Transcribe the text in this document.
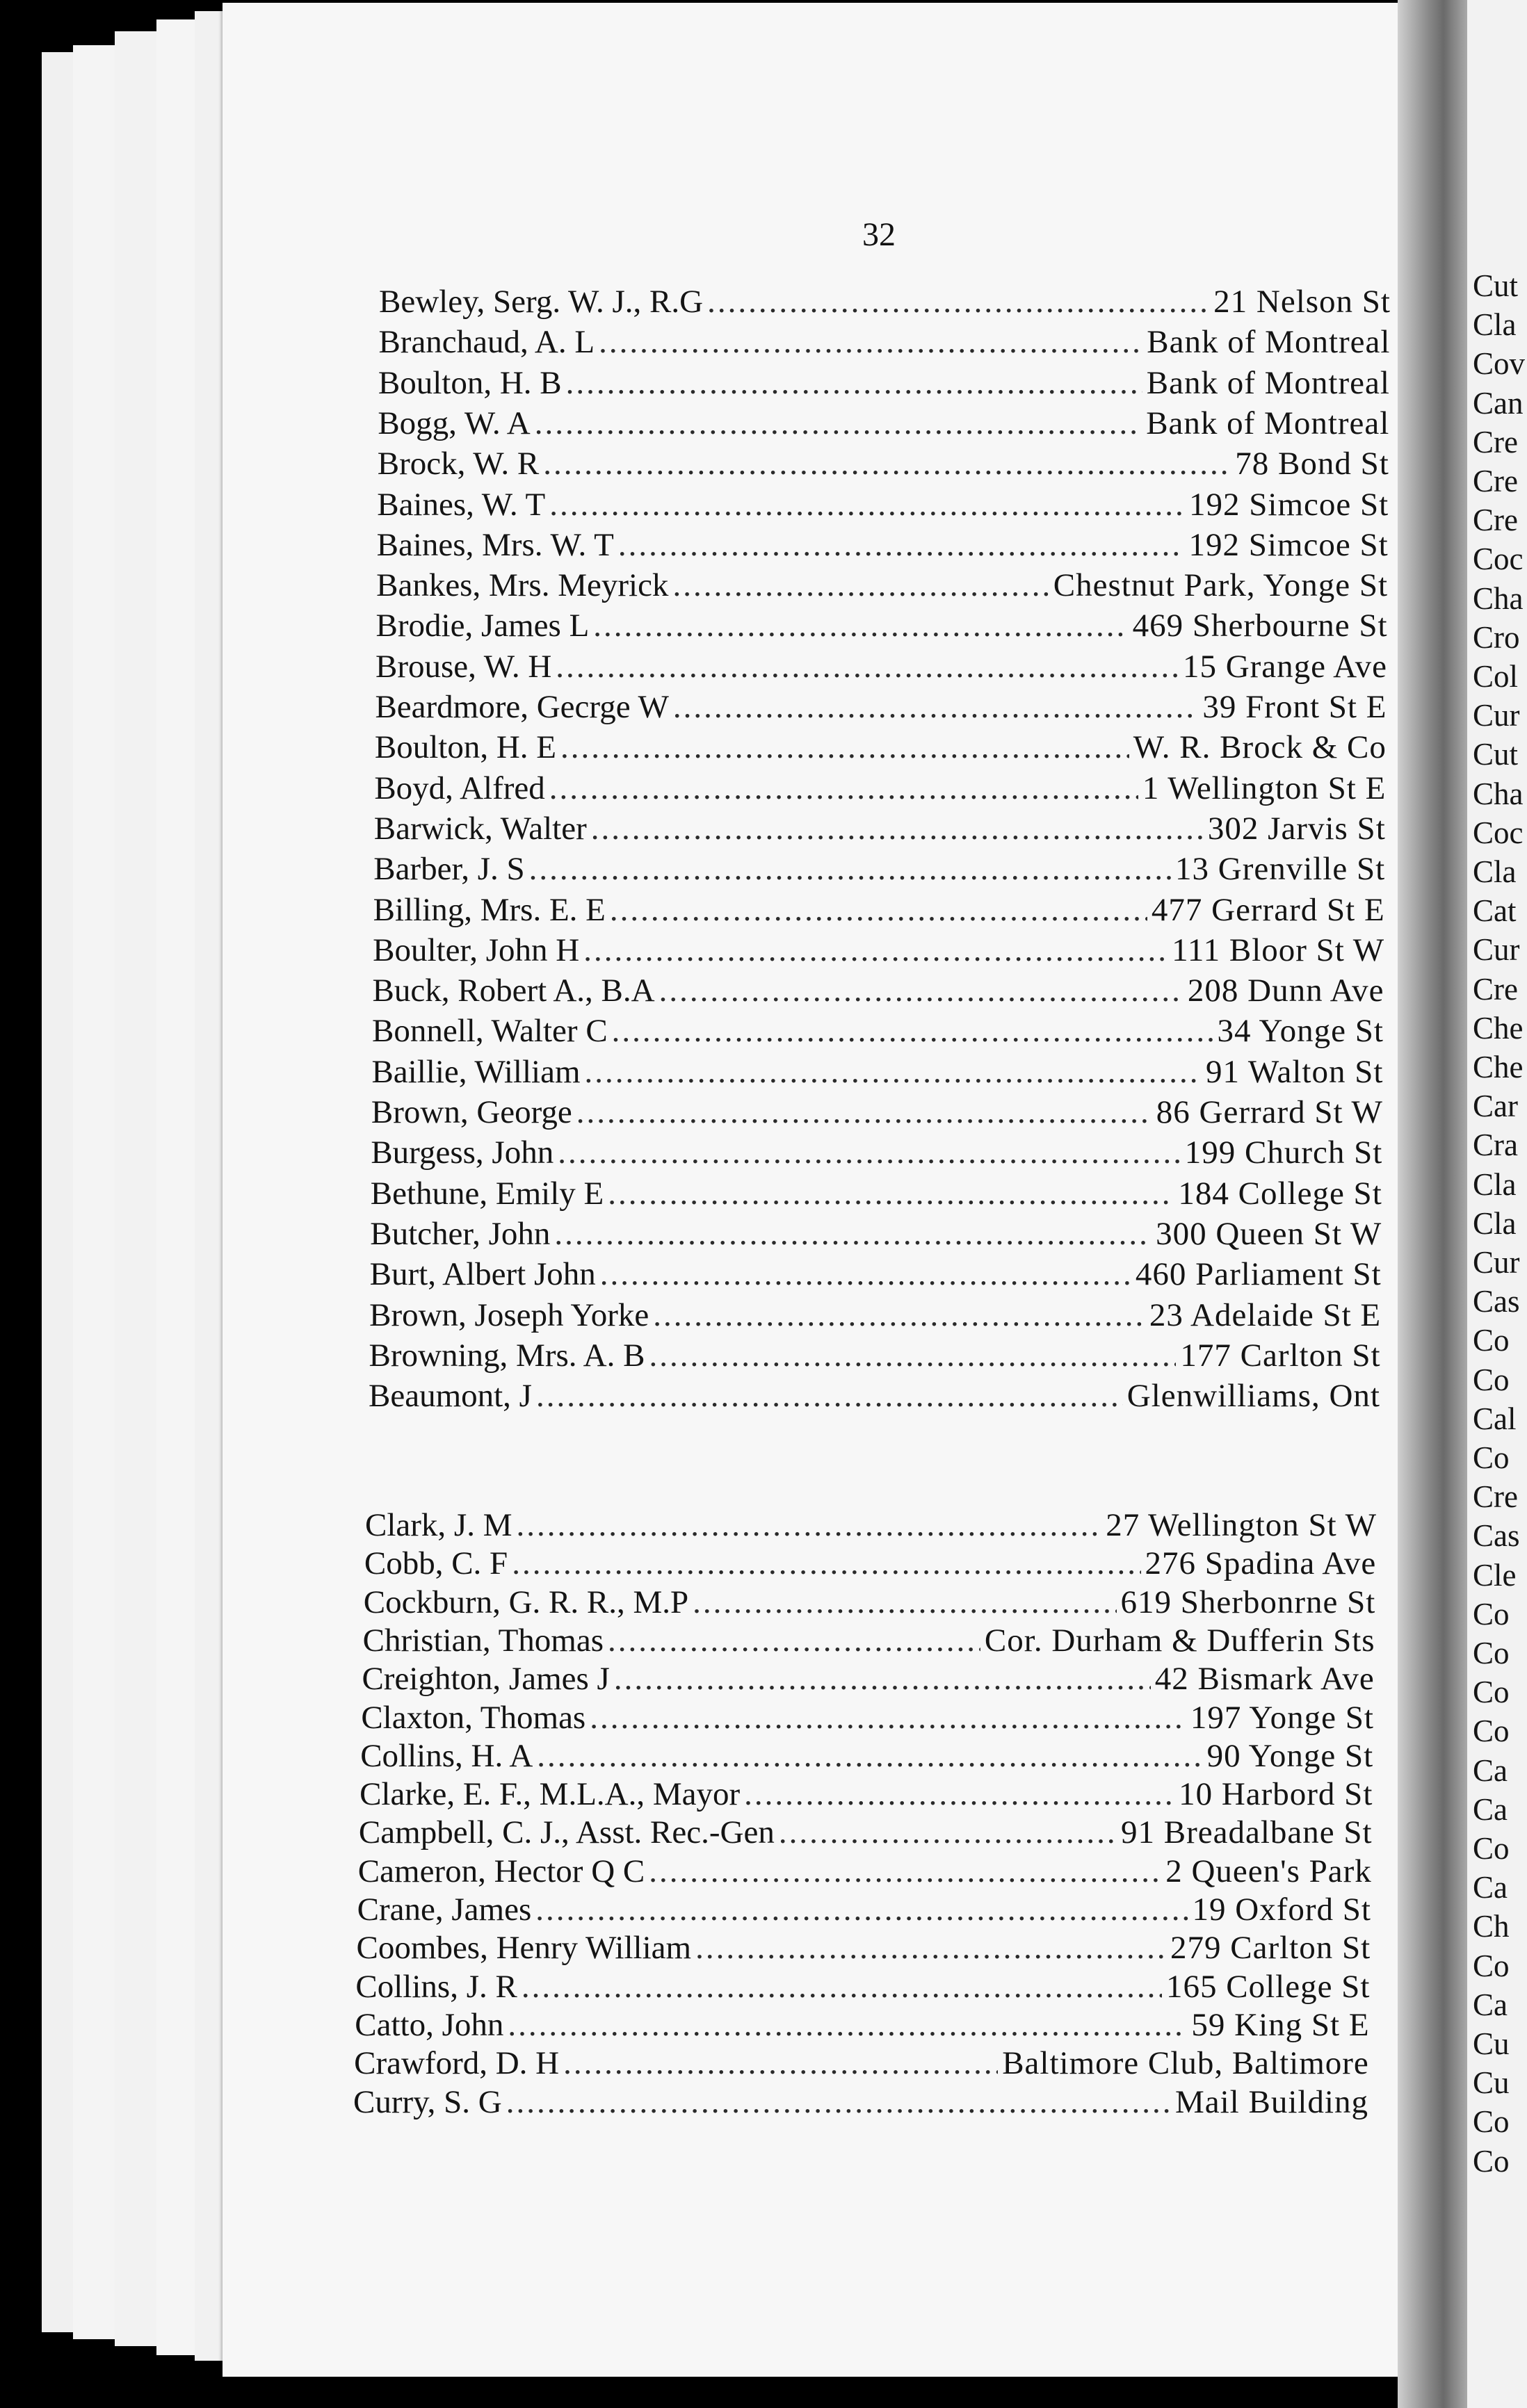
32
Bewley, Serg. W. J., R.G .....	21 Nelson St
Branchaud, A. L .....	Bank of Montreal
Boulton, H. B .....	Bank of Montreal
Bogg, W. A .....	Bank of Montreal
Brock, W. R .....	78 Bond St
Baines, W. T .....	192 Simcoe St
Baines, Mrs. W. T .....	192 Simcoe St
Bankes, Mrs. Meyrick .....	Chestnut Park, Yonge St
Brodie, James L .....	469 Sherbourne St
Brouse, W. H .....	15 Grange Ave
Beardmore, Gecrge W .....	39 Front St E
Boulton, H. E .....	W. R. Brock & Co
Boyd, Alfred .....	1 Wellington St E
Barwick, Walter .....	302 Jarvis St
Barber, J. S .....	13 Grenville St
Billing, Mrs. E. E .....	477 Gerrard St E
Boulter, John H .....	111 Bloor St W
Buck, Robert A., B.A .....	208 Dunn Ave
Bonnell, Walter C .....	34 Yonge St
Baillie, William .....	91 Walton St
Brown, George .....	86 Gerrard St W
Burgess, John .....	199 Church St
Bethune, Emily E .....	184 College St
Butcher, John .....	300 Queen St W
Burt, Albert John .....	460 Parliament St
Brown, Joseph Yorke .....	23 Adelaide St E
Browning, Mrs. A. B .....	177 Carlton St
Beaumont, J .....	Glenwilliams, Ont
Clark, J. M .....	27 Wellington St W
Cobb, C. F .....	276 Spadina Ave
Cockburn, G. R. R., M.P .....	619 Sherbonrne St
Christian, Thomas .....	Cor. Durham & Dufferin Sts
Creighton, James J .....	42 Bismark Ave
Claxton, Thomas .....	197 Yonge St
Collins, H. A .....	90 Yonge St
Clarke, E. F., M.L.A., Mayor .....	10 Harbord St
Campbell, C. J., Asst. Rec.-Gen .....	91 Breadalbane St
Cameron, Hector Q C .....	2 Queen's Park
Crane, James .....	19 Oxford St
Coombes, Henry William .....	279 Carlton St
Collins, J. R .....	165 College St
Catto, John .....	59 King St E
Crawford, D. H .....	Baltimore Club, Baltimore
Curry, S. G .....	Mail Building
Cut
Cla
Cov
Can
Cre
Cre
Cre
Coc
Cha
Cro
Col
Cur
Cut
Cha
Coc
Cla
Cat
Cur
Cre
Che
Che
Car
Cra
Cla
Cla
Cur
Cas
Co
Co
Cal
Co
Cre
Cas
Cle
Co
Co
Co
Co
Ca
Ca
Co
Ca
Ch
Co
Ca
Cu
Cu
Co
Co
